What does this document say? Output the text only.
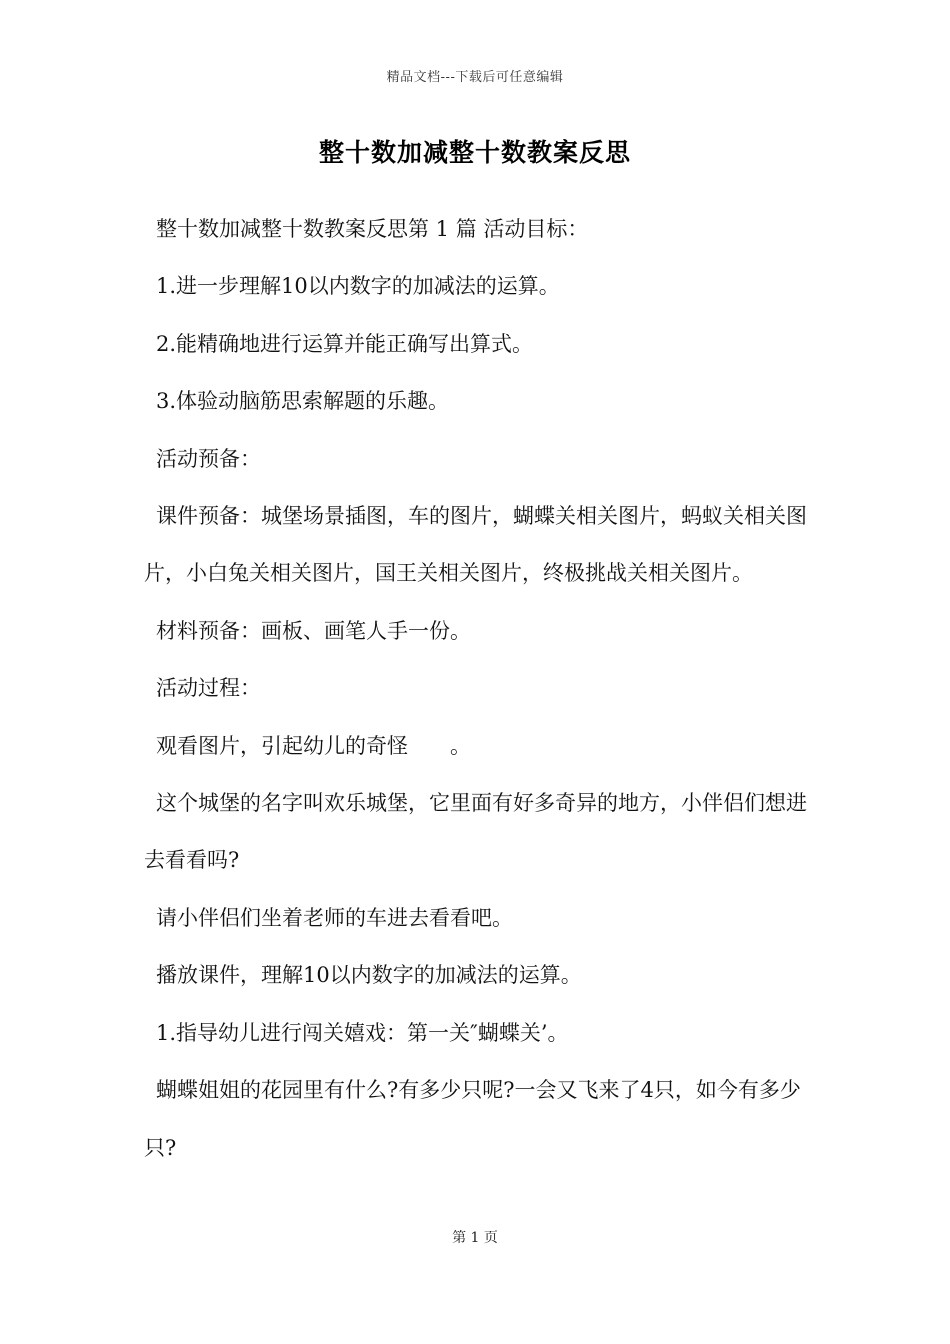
精品文档---下载后可任意编辑
整十数加减整十数教案反思

整十数加减整十数教案反思第 1 篇 活动目标：

1.进一步理解10以内数字的加减法的运算。

2.能精确地进行运算并能正确写出算式。

3.体验动脑筋思索解题的乐趣。

活动预备：

课件预备：城堡场景插图，车的图片，蝴蝶关相关图片，蚂蚁关相关图片，小白兔关相关图片，国王关相关图片，终极挑战关相关图片。

材料预备：画板、画笔人手一份。

活动过程：

观看图片，引起幼儿的奇怪　　。

这个城堡的名字叫欢乐城堡，它里面有好多奇异的地方，小伴侣们想进去看看吗?

请小伴侣们坐着老师的车进去看看吧。

播放课件，理解10以内数字的加减法的运算。

1.指导幼儿进行闯关嬉戏：第一关″蝴蝶关’。

蝴蝶姐姐的花园里有什么?有多少只呢?一会又飞来了4只，如今有多少只?

第 1 页
